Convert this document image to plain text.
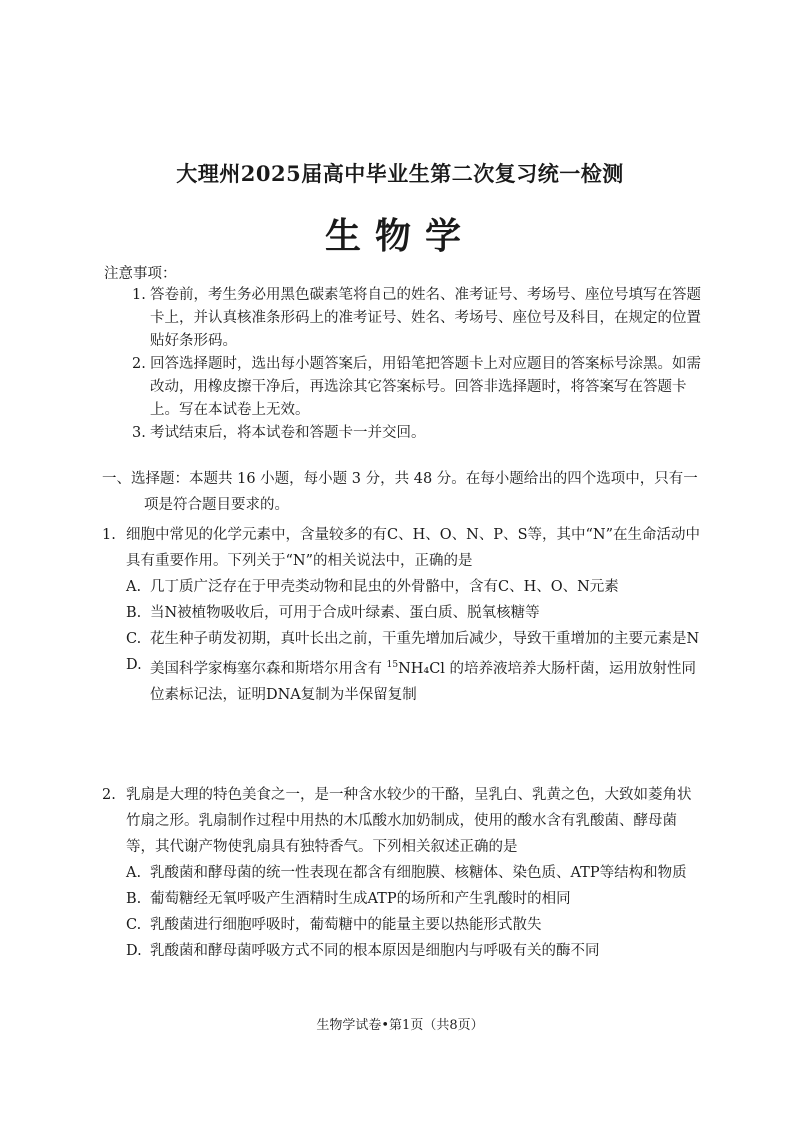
大理州2025届高中毕业生第二次复习统一检测
生物学
注意事项：
1. 答卷前，考生务必用黑色碳素笔将自己的姓名、准考证号、考场号、座位号填写在答题卡上，并认真核准条形码上的准考证号、姓名、考场号、座位号及科目，在规定的位置贴好条形码。
2. 回答选择题时，选出每小题答案后，用铅笔把答题卡上对应题目的答案标号涂黑。如需改动，用橡皮擦干净后，再选涂其它答案标号。回答非选择题时，将答案写在答题卡上。写在本试卷上无效。
3. 考试结束后，将本试卷和答题卡一并交回。
一、选择题：本题共 16 小题，每小题 3 分，共 48 分。在每小题给出的四个选项中，只有一
项是符合题目要求的。
1. 细胞中常见的化学元素中，含量较多的有C、H、O、N、P、S等，其中“N”在生命活动中具有重要作用。下列关于“N”的相关说法中，正确的是
A. 几丁质广泛存在于甲壳类动物和昆虫的外骨骼中，含有C、H、O、N元素
B. 当N被植物吸收后，可用于合成叶绿素、蛋白质、脱氧核糖等
C. 花生种子萌发初期，真叶长出之前，干重先增加后减少，导致干重增加的主要元素是N
D. 美国科学家梅塞尔森和斯塔尔用含有 $^{15}$NH₄Cl 的培养液培养大肠杆菌，运用放射性同位素标记法，证明DNA复制为半保留复制
2. 乳扇是大理的特色美食之一，是一种含水较少的干酪，呈乳白、乳黄之色，大致如菱角状竹扇之形。乳扇制作过程中用热的木瓜酸水加奶制成，使用的酸水含有乳酸菌、酵母菌等，其代谢产物使乳扇具有独特香气。下列相关叙述正确的是
A. 乳酸菌和酵母菌的统一性表现在都含有细胞膜、核糖体、染色质、ATP等结构和物质
B. 葡萄糖经无氧呼吸产生酒精时生成ATP的场所和产生乳酸时的相同
C. 乳酸菌进行细胞呼吸时，葡萄糖中的能量主要以热能形式散失
D. 乳酸菌和酵母菌呼吸方式不同的根本原因是细胞内与呼吸有关的酶不同
生物学试卷•第1页（共8页）
